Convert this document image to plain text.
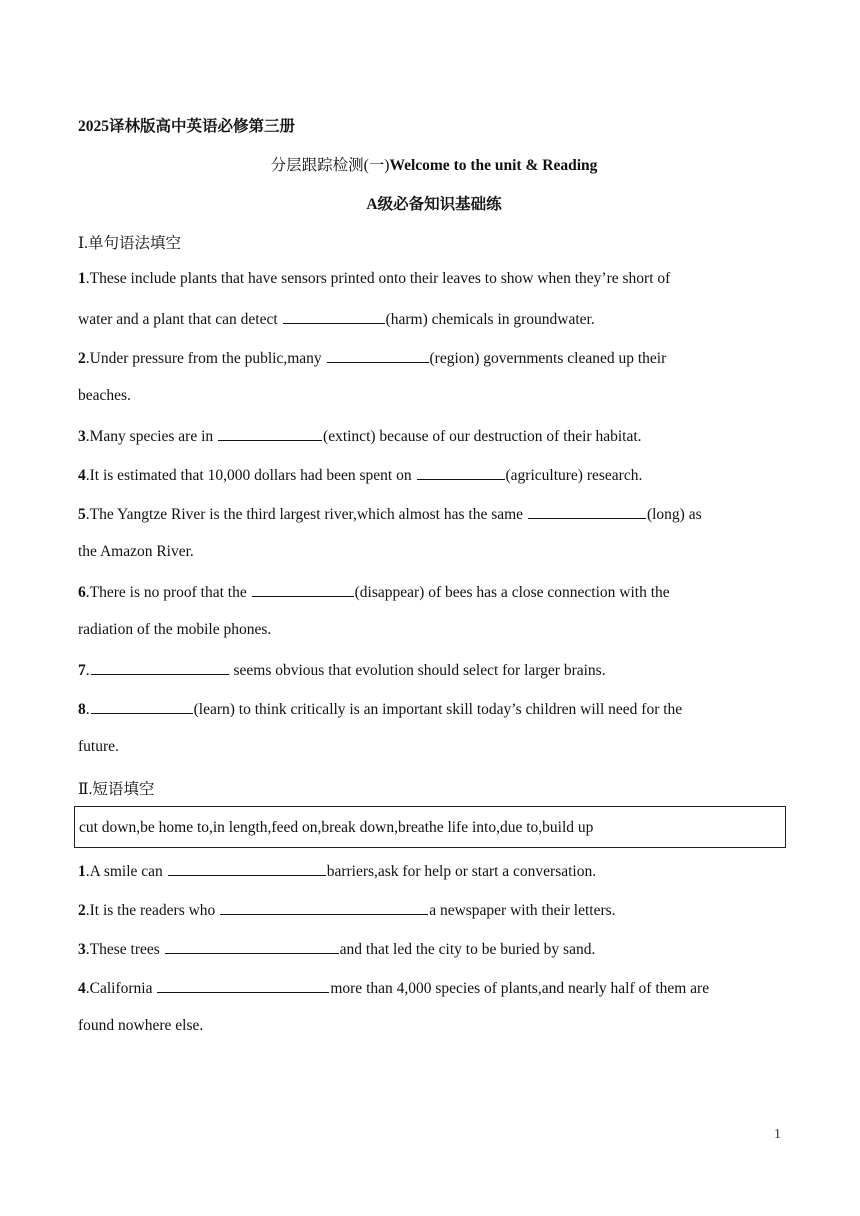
2025译林版高中英语必修第三册
分层跟踪检测(一)Welcome to the unit & Reading
A级必备知识基础练
Ⅰ.单句语法填空
1.These include plants that have sensors printed onto their leaves to show when they’re short of
water and a plant that can detect	(harm) chemicals in groundwater.
2.Under pressure from the public,many	(region) governments cleaned up their
beaches.
3.Many species are in	(extinct) because of our destruction of their habitat.
4.It is estimated that 10,000 dollars had been spent on	(agriculture) research.
5.The Yangtze River is the third largest river,which almost has the same	(long) as
the Amazon River.
6.There is no proof that the	(disappear) of bees has a close connection with the
radiation of the mobile phones.
7.	seems obvious that evolution should select for larger brains.
8.	(learn) to think critically is an important skill today’s children will need for the
future.
Ⅱ.短语填空
cut down,be home to,in length,feed on,break down,breathe life into,due to,build up
1.A smile can	barriers,ask for help or start a conversation.
2.It is the readers who	a newspaper with their letters.
3.These trees	and that led the city to be buried by sand.
4.California	more than 4,000 species of plants,and nearly half of them are
found nowhere else.
1
